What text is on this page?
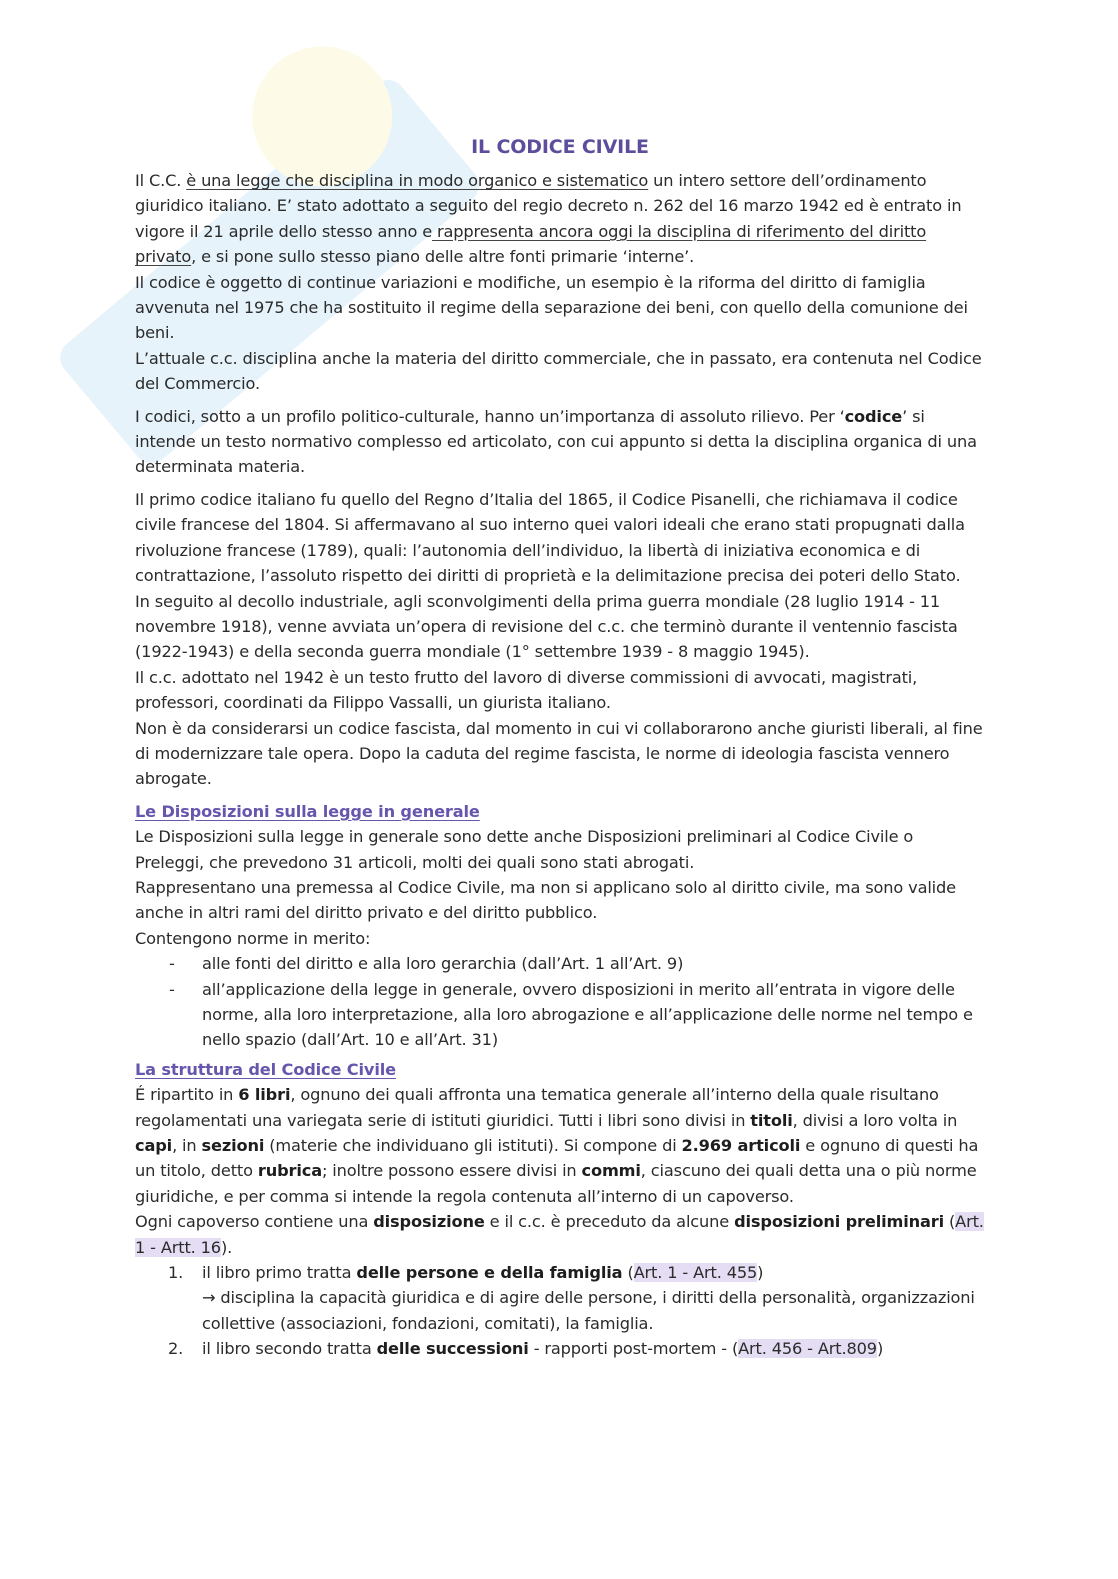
IL CODICE CIVILE

Il C.C. è una legge che disciplina in modo organico e sistematico un intero settore dell’ordinamento giuridico italiano. E’ stato adottato a seguito del regio decreto n. 262 del 16 marzo 1942 ed è entrato in vigore il 21 aprile dello stesso anno e rappresenta ancora oggi la disciplina di riferimento del diritto privato, e si pone sullo stesso piano delle altre fonti primarie ‘interne’.

Il codice è oggetto di continue variazioni e modifiche, un esempio è la riforma del diritto di famiglia avvenuta nel 1975 che ha sostituito il regime della separazione dei beni, con quello della comunione dei beni.

L’attuale c.c. disciplina anche la materia del diritto commerciale, che in passato, era contenuta nel Codice del Commercio.

I codici, sotto a un profilo politico-culturale, hanno un’importanza di assoluto rilievo. Per ‘codice’ si intende un testo normativo complesso ed articolato, con cui appunto si detta la disciplina organica di una determinata materia.

Il primo codice italiano fu quello del Regno d’Italia del 1865, il Codice Pisanelli, che richiamava il codice civile francese del 1804. Si affermavano al suo interno quei valori ideali che erano stati propugnati dalla rivoluzione francese (1789), quali: l’autonomia dell’individuo, la libertà di iniziativa economica e di contrattazione, l’assoluto rispetto dei diritti di proprietà e la delimitazione precisa dei poteri dello Stato.

In seguito al decollo industriale, agli sconvolgimenti della prima guerra mondiale (28 luglio 1914 - 11 novembre 1918), venne avviata un’opera di revisione del c.c. che terminò durante il ventennio fascista (1922-1943) e della seconda guerra mondiale (1° settembre 1939 - 8 maggio 1945).

Il c.c. adottato nel 1942 è un testo frutto del lavoro di diverse commissioni di avvocati, magistrati, professori, coordinati da Filippo Vassalli, un giurista italiano.

Non è da considerarsi un codice fascista, dal momento in cui vi collaborarono anche giuristi liberali, al fine di modernizzare tale opera. Dopo la caduta del regime fascista, le norme di ideologia fascista vennero abrogate.

Le Disposizioni sulla legge in generale

Le Disposizioni sulla legge in generale sono dette anche Disposizioni preliminari al Codice Civile o Preleggi, che prevedono 31 articoli, molti dei quali sono stati abrogati.

Rappresentano una premessa al Codice Civile, ma non si applicano solo al diritto civile, ma sono valide anche in altri rami del diritto privato e del diritto pubblico.

Contengono norme in merito:

- alle fonti del diritto e alla loro gerarchia (dall’Art. 1 all’Art. 9)

- all’applicazione della legge in generale, ovvero disposizioni in merito all’entrata in vigore delle norme, alla loro interpretazione, alla loro abrogazione e all’applicazione delle norme nel tempo e nello spazio (dall’Art. 10 e all’Art. 31)

La struttura del Codice Civile

É ripartito in 6 libri, ognuno dei quali affronta una tematica generale all’interno della quale risultano regolamentati una variegata serie di istituti giuridici. Tutti i libri sono divisi in titoli, divisi a loro volta in capi, in sezioni (materie che individuano gli istituti). Si compone di 2.969 articoli e ognuno di questi ha un titolo, detto rubrica; inoltre possono essere divisi in commi, ciascuno dei quali detta una o più norme giuridiche, e per comma si intende la regola contenuta all’interno di un capoverso.

Ogni capoverso contiene una disposizione e il c.c. è preceduto da alcune disposizioni preliminari (Art. 1 - Artt. 16).

1. il libro primo tratta delle persone e della famiglia (Art. 1 - Art. 455)
→ disciplina la capacità giuridica e di agire delle persone, i diritti della personalità, organizzazioni collettive (associazioni, fondazioni, comitati), la famiglia.

2. il libro secondo tratta delle successioni - rapporti post-mortem - (Art. 456 - Art.809)
